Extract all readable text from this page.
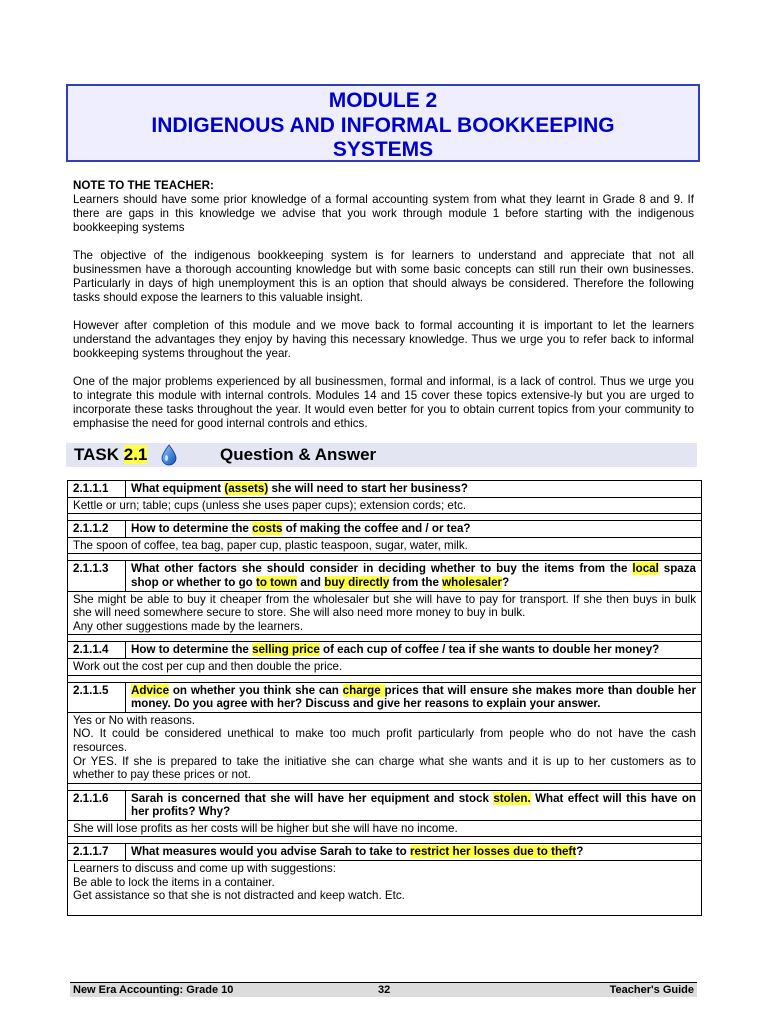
MODULE 2
INDIGENOUS AND INFORMAL BOOKKEEPING
SYSTEMS
NOTE TO THE TEACHER:

Learners should have some prior knowledge of a formal accounting system from what they learnt in Grade 8 and 9. If there are gaps in this knowledge we advise that you work through module 1 before starting with the indigenous bookkeeping systems

The objective of the indigenous bookkeeping system is for learners to understand and appreciate that not all businessmen have a thorough accounting knowledge but with some basic concepts can still run their own businesses. Particularly in days of high unemployment this is an option that should always be considered. Therefore the following tasks should expose the learners to this valuable insight.

However after completion of this module and we move back to formal accounting it is important to let the learners understand the advantages they enjoy by having this necessary knowledge. Thus we urge you to refer back to informal bookkeeping systems throughout the year.

One of the major problems experienced by all businessmen, formal and informal, is a lack of control. Thus we urge you to integrate this module with internal controls. Modules 14 and 15 cover these topics extensive-ly but you are urged to incorporate these tasks throughout the year. It would even better for you to obtain current topics from your community to emphasise the need for good internal controls and ethics.

TASK 2.1	Question & Answer
2.1.1.1	What equipment (assets) she will need to start her business?
Kettle or urn; table; cups (unless she uses paper cups); extension cords; etc.	

2.1.1.2	How to determine the costs of making the coffee and / or tea?
The spoon of coffee, tea bag, paper cup, plastic teaspoon, sugar, water, milk.	

2.1.1.3	What other factors she should consider in deciding whether to buy the items from the local spaza shop or whether to go to town and buy directly from the wholesaler?

She might be able to buy it cheaper from the wholesaler but she will have to pay for transport. If she then buys in bulk she will need somewhere secure to store. She will also need more money to buy in bulk.
Any other suggestions made by the learners.	

2.1.1.4	How to determine the selling price of each cup of coffee / tea if she wants to double her money?
Work out the cost per cup and then double the price.	

2.1.1.5	Advice on whether you think she can charge prices that will ensure she makes more than double her money. Do you agree with her? Discuss and give her reasons to explain your answer.

Yes or No with reasons.
NO. It could be considered unethical to make too much profit particularly from people who do not have the cash resources.
Or YES. If she is prepared to take the initiative she can charge what she wants and it is up to her customers as to whether to pay these prices or not.	

2.1.1.6	Sarah is concerned that she will have her equipment and stock stolen. What effect will this have on her profits? Why?
She will lose profits as her costs will be higher but she will have no income.	

2.1.1.7	What measures would you advise Sarah to take to restrict her losses due to theft?

Learners to discuss and come up with suggestions:
Be able to lock the items in a container.
Get assistance so that she is not distracted and keep watch. Etc.	
New Era Accounting: Grade 10	32	Teacher's Guide
